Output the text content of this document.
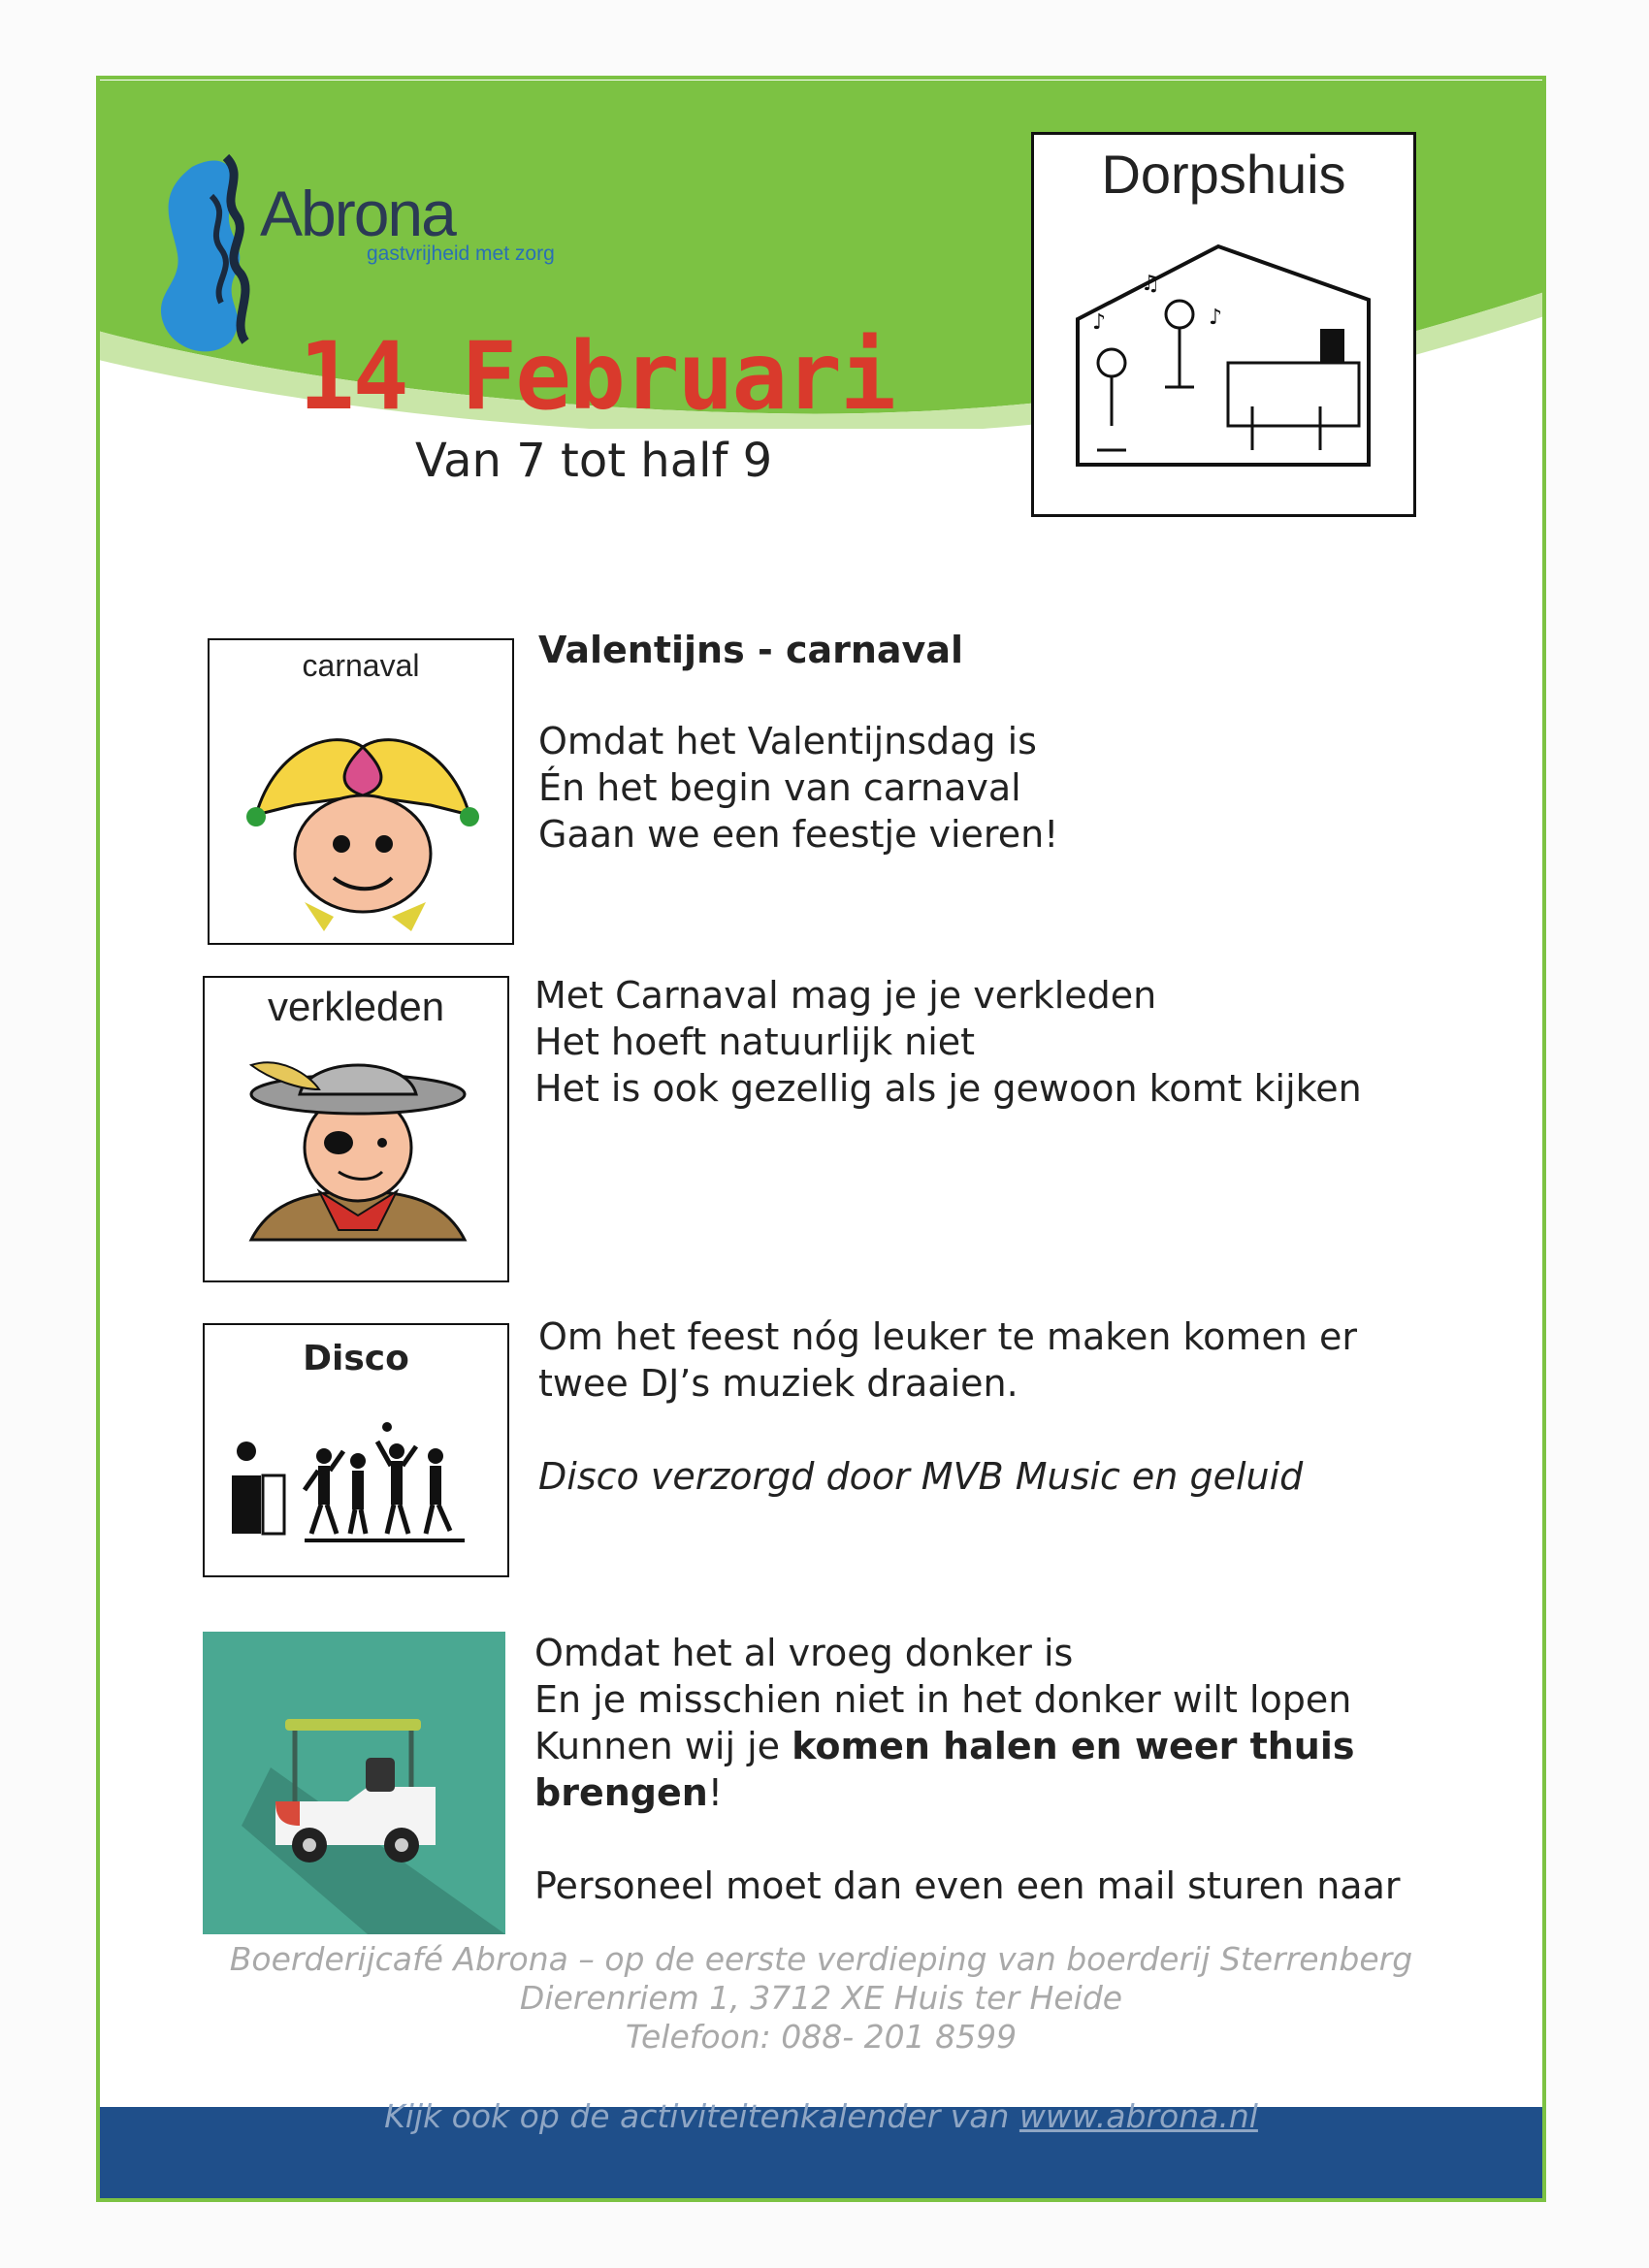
Abrona
gastvrijheid met zorg
14 Februari
Van 7 tot half 9
Dorpshuis
♪
♫
♪
carnaval	Valentijns - carnaval

Omdat het Valentijnsdag is

Én het begin van carnaval

Gaan we een feestje vieren!

verkleden	Met Carnaval mag je je verkleden

Het hoeft natuurlijk niet

Het is ook gezellig als je gewoon komt kijken

Disco

Om het feest nóg leuker te maken komen er

twee DJ’s muziek draaien.

Disco verzorgd door MVB Music en geluid

Omdat het al vroeg donker is

En je misschien niet in het donker wilt lopen

Kunnen wij je komen halen en weer thuis

brengen!

Personeel moet dan even een mail sturen naar

Boerderijcafé Abrona – op de eerste verdieping van boerderij Sterrenberg
Dierenriem 1, 3712 XE Huis ter Heide
Telefoon: 088- 201 8599
Kijk ook op de activiteitenkalender van www.abrona.nl
